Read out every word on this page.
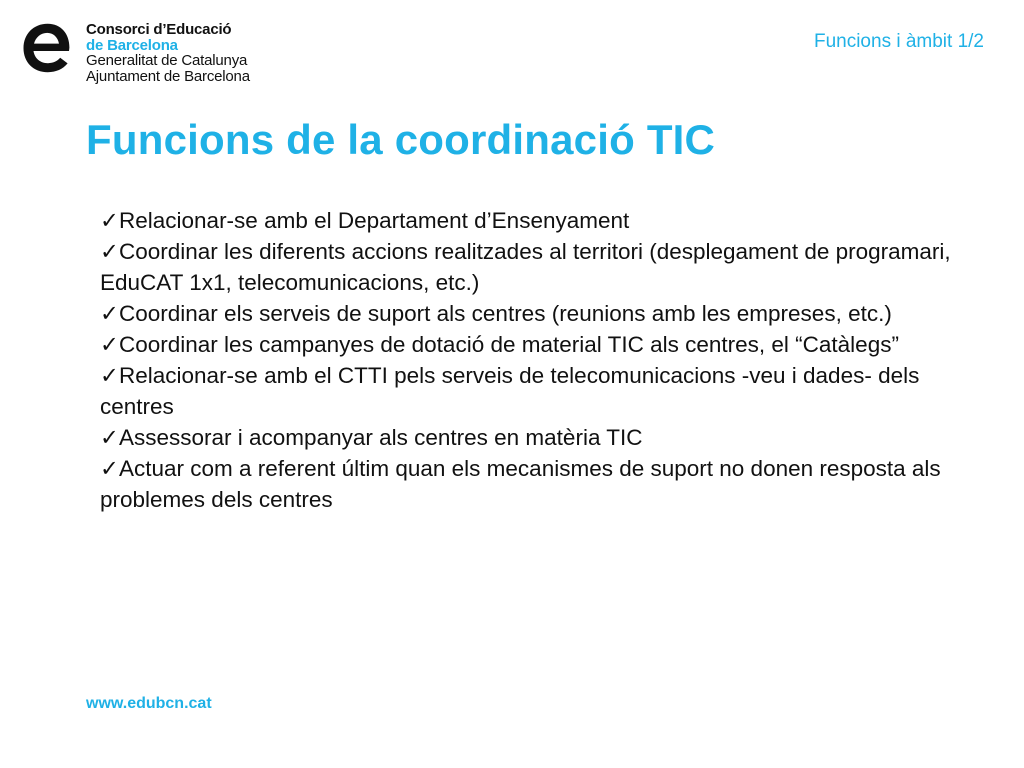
Consorci d’Educació
de Barcelona
Generalitat de Catalunya
Ajuntament de Barcelona
Funcions i àmbit 1/2
Funcions de la coordinació TIC
✓Relacionar-se amb el Departament d’Ensenyament
✓Coordinar les diferents accions realitzades al territori (desplegament de programari, EduCAT 1x1, telecomunicacions, etc.)
✓Coordinar els serveis de suport als centres (reunions amb les empreses, etc.)
✓Coordinar les campanyes de dotació de material TIC als centres, el “Catàlegs”
✓Relacionar-se amb el CTTI pels serveis de telecomunicacions -veu i dades- dels centres
✓Assessorar i acompanyar als centres en matèria TIC
✓Actuar com a referent últim quan els mecanismes de suport no donen resposta als problemes dels centres
www.edubcn.cat
